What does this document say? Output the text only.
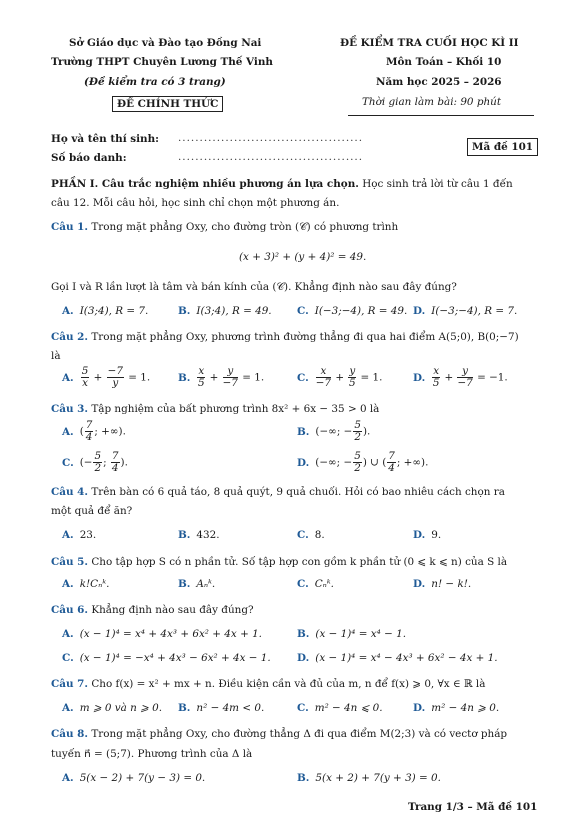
Sở Giáo dục và Đào tạo Đồng Nai
Trường THPT Chuyên Lương Thế Vinh
(Đề kiểm tra có 3 trang)
ĐỀ CHÍNH THỨC
ĐỀ KIỂM TRA CUỐI HỌC KÌ II
Môn Toán – Khối 10
Năm học 2025 – 2026
Thời gian làm bài: 90 phút
Họ và tên thí sinh: ...........................................
Số báo danh:	...........................................
Mã đề 101
PHẦN I. Câu trắc nghiệm nhiều phương án lựa chọn. Học sinh trả lời từ câu 1 đến
câu 12. Mỗi câu hỏi, học sinh chỉ chọn một phương án.
Câu 1. Trong mặt phẳng Oxy, cho đường tròn (𝒞) có phương trình
(x + 3)² + (y + 4)² = 49.
Gọi I và R lần lượt là tâm và bán kính của (𝒞). Khẳng định nào sau đây đúng?
A. I(3;4), R = 7.	B. I(3;4), R = 49. C. I(−3;−4), R = 49. D. I(−3;−4), R = 7.
Câu 2. Trong mặt phẳng Oxy, phương trình đường thẳng đi qua hai điểm A(5;0), B(0;−7)
là
A. $\frac{5}{x} + \frac{-7}{y} = 1$.	B. $\frac{x}{5} + \frac{y}{-7} = 1$.	C. $\frac{x}{-7} + \frac{y}{5} = 1$.	D. $\frac{x}{5} + \frac{y}{-7} = -1$.
Câu 3. Tập nghiệm của bất phương trình 8x² + 6x − 35 > 0 là
A. ( $\frac{7}{4}$ ; +∞).	B. (−∞; − $\frac{5}{2}$ ).
C. (− $\frac{5}{2}$ ; $\frac{7}{4}$ ).	D. (−∞; − $\frac{5}{2}$ ) ∪ ( $\frac{7}{4}$ ; +∞).
Câu 4. Trên bàn có 6 quả táo, 8 quả quýt, 9 quả chuối. Hỏi có bao nhiêu cách chọn ra
một quả để ăn?
A. 23.	B. 432.	C. 8.	D. 9.
Câu 5. Cho tập hợp S có n phần tử. Số tập hợp con gồm k phần tử (0 ⩽ k ⩽ n) của S là
A. k!Cₙᵏ.	B. Aₙᵏ.	C. Cₙᵏ.	D. n! − k!.
Câu 6. Khẳng định nào sau đây đúng?
A. (x − 1)⁴ = x⁴ + 4x³ + 6x² + 4x + 1.	B. (x − 1)⁴ = x⁴ − 1.
C. (x − 1)⁴ = −x⁴ + 4x³ − 6x² + 4x − 1.	D. (x − 1)⁴ = x⁴ − 4x³ + 6x² − 4x + 1.
Câu 7. Cho f(x) = x² + mx + n. Điều kiện cần và đủ của m, n để f(x) ⩾ 0, ∀x ∈ ℝ là
A. m ⩾ 0 và n ⩾ 0. B. n² − 4m < 0.	C. m² − 4n ⩽ 0.	D. m² − 4n ⩾ 0.
Câu 8. Trong mặt phẳng Oxy, cho đường thẳng Δ đi qua điểm M(2;3) và có vectơ pháp
tuyến n⃗ = (5;7). Phương trình của Δ là
A. 5(x − 2) + 7(y − 3) = 0.	B. 5(x + 2) + 7(y + 3) = 0.
Trang 1/3 – Mã đề 101
